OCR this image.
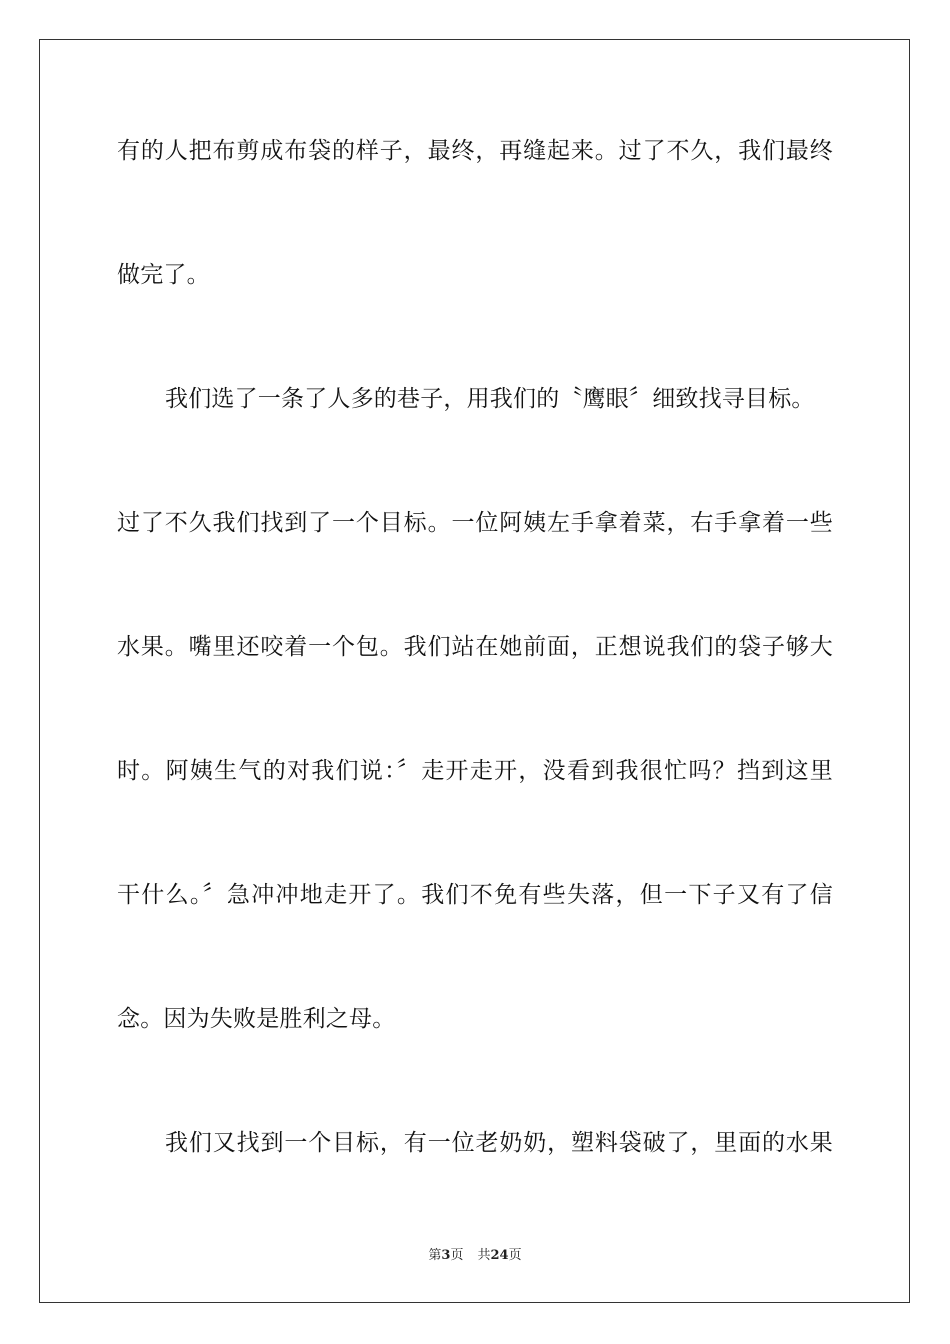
有的人把布剪成布袋的样子，最终，再缝起来。过了不久，我们最终
做完了。
我们选了一条了人多的巷子，用我们的〝鹰眼〞细致找寻目标。
过了不久我们找到了一个目标。一位阿姨左手拿着菜，右手拿着一些
水果。嘴里还咬着一个包。我们站在她前面，正想说我们的袋子够大
时。阿姨生气的对我们说：〞走开走开，没看到我很忙吗？挡到这里
干什么。〞急冲冲地走开了。我们不免有些失落，但一下子又有了信
念。因为失败是胜利之母。
我们又找到一个目标，有一位老奶奶，塑料袋破了，里面的水果
第3页 共24页
